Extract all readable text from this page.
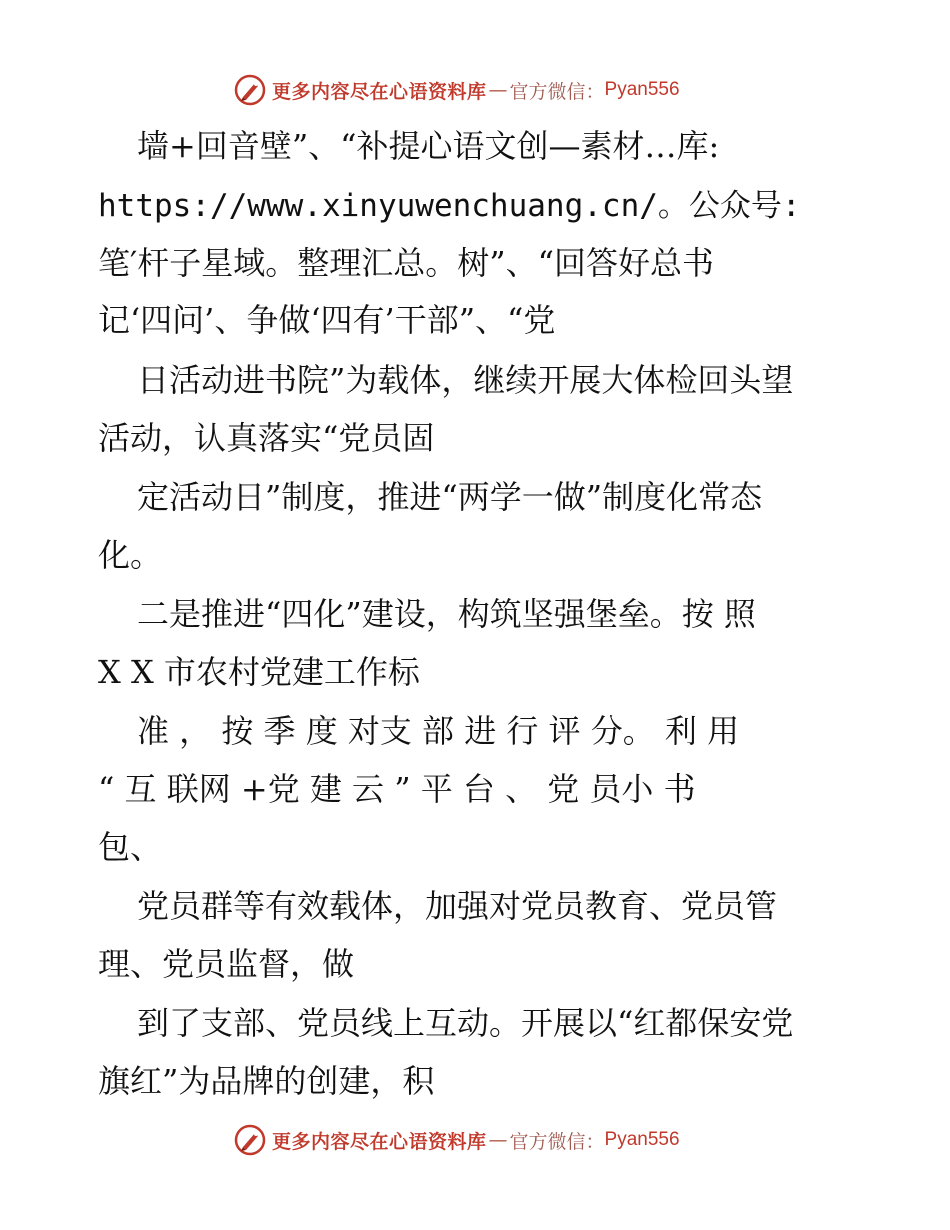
更多内容尽在心语资料库 — 官方微信： Pyan556
墙+回音壁”、“补提心语文创—素材…库:
https://www.xinyuwenchuang.cn/。公众号:
笔′杆子星域。整理汇总。树”、“回答好总书
记‘四问’、争做‘四有’干部”、“党
日活动进书院”为载体，继续开展大体检回头望
活动，认真落实“党员固
定活动日”制度，推进“两学一做”制度化常态
化。
二是推进“四化”建设，构筑坚强堡垒。按 照
X X 市农村党建工作标
准 ， 按 季 度 对支 部 进 行 评 分。 利 用
“ 互 联网 +党 建 云 ” 平 台 、 党 员小 书
包、
党员群等有效载体，加强对党员教育、党员管
理、党员监督，做
到了支部、党员线上互动。开展以“红都保安党
旗红”为品牌的创建，积
更多内容尽在心语资料库 — 官方微信： Pyan556
